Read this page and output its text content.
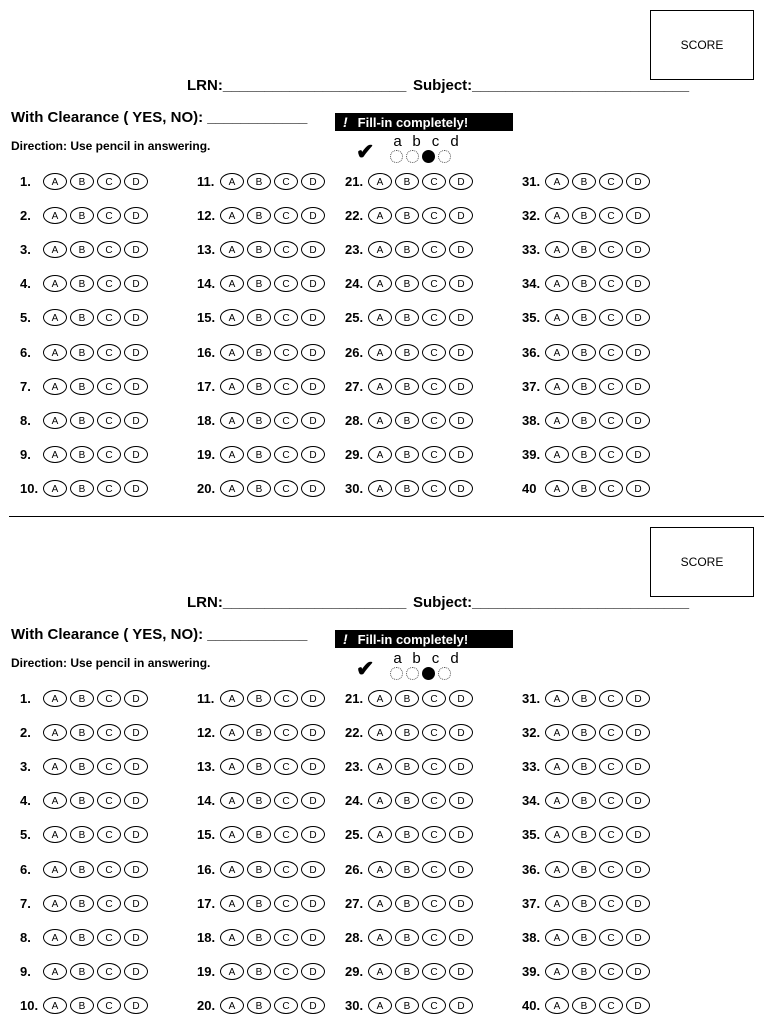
SCORE
LRN:______________________ Subject:__________________________
With Clearance ( YES, NO): ____________	! Fill-in completely!
Direction: Use pencil in answering.	✔	a b c d
1.	A	B	C	D
2.	A	B	C	D
3.	A	B	C	D
4.	A	B	C	D
5.	A	B	C	D
6.	A	B	C	D
7.	A	B	C	D
8.	A	B	C	D
9.	A	B	C	D
10.	A	B	C	D
11.	A	B	C	D
12.	A	B	C	D
13.	A	B	C	D
14.	A	B	C	D
15.	A	B	C	D
16.	A	B	C	D
17.	A	B	C	D
18.	A	B	C	D
19.	A	B	C	D
20.	A	B	C	D
21.	A	B	C	D
22.	A	B	C	D
23.	A	B	C	D
24.	A	B	C	D
25.	A	B	C	D
26.	A	B	C	D
27.	A	B	C	D
28.	A	B	C	D
29.	A	B	C	D
30.	A	B	C	D
31.	A	B	C	D
32.	A	B	C	D
33.	A	B	C	D
34.	A	B	C	D
35.	A	B	C	D
36.	A	B	C	D
37.	A	B	C	D
38.	A	B	C	D
39.	A	B	C	D
40	A	B	C	D
SCORE
LRN:______________________ Subject:__________________________
With Clearance ( YES, NO): ____________	! Fill-in completely!
Direction: Use pencil in answering.	✔	a b c d
1.	A	B	C	D
2.	A	B	C	D
3.	A	B	C	D
4.	A	B	C	D
5.	A	B	C	D
6.	A	B	C	D
7.	A	B	C	D
8.	A	B	C	D
9.	A	B	C	D
10.	A	B	C	D
11.	A	B	C	D
12.	A	B	C	D
13.	A	B	C	D
14.	A	B	C	D
15.	A	B	C	D
16.	A	B	C	D
17.	A	B	C	D
18.	A	B	C	D
19.	A	B	C	D
20.	A	B	C	D
21.	A	B	C	D
22.	A	B	C	D
23.	A	B	C	D
24.	A	B	C	D
25.	A	B	C	D
26.	A	B	C	D
27.	A	B	C	D
28.	A	B	C	D
29.	A	B	C	D
30.	A	B	C	D
31.	A	B	C	D
32.	A	B	C	D
33.	A	B	C	D
34.	A	B	C	D
35.	A	B	C	D
36.	A	B	C	D
37.	A	B	C	D
38.	A	B	C	D
39.	A	B	C	D
40.	A	B	C	D
